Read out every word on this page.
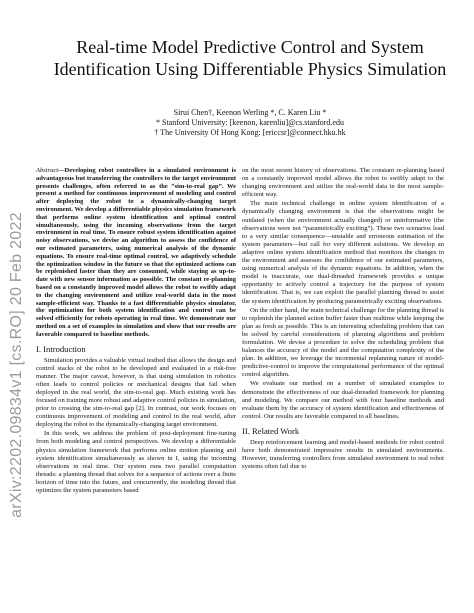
arXiv:2202.09834v1 [cs.RO] 20 Feb 2022
Real-time Model Predictive Control and System Identification Using Differentiable Physics Simulation
Sirui Chen†, Keenon Werling *, C. Karen Liu *
* Stanford University: [keenon, karenliu]@cs.stanford.edu
† The University Of Hong Kong: [ericcsr]@connect.hku.hk

Abstract—Developing robot controllers in a simulated environment is advantageous but transferring the controllers to the target environment presents challenges, often referred to as the “sim-to-real gap”. We present a method for continuous improvement of modeling and control after deploying the robot to a dynamically-changing target environment. We develop a differentiable physics simulation framework that performs online system identification and optimal control simultaneously, using the incoming observations from the target environment in real time. To ensure robust system identification against noisy observations, we devise an algorithm to assess the confidence of our estimated parameters, using numerical analysis of the dynamic equations. To ensure real-time optimal control, we adaptively schedule the optimization window in the future so that the optimized actions can be replenished faster than they are consumed, while staying as up-to-date with new sensor information as possible. The constant re-planning based on a constantly improved model allows the robot to swiftly adapt to the changing environment and utilize real-world data in the most sample-efficient way. Thanks to a fast differentiable physics simulator, the optimization for both system identification and control can be solved efficiently for robots operating in real time. We demonstrate our method on a set of examples in simulation and show that our results are favorable compared to baseline methods.

I. Introduction

Simulation provides a valuable virtual testbed that allows the design and control stacks of the robot to be developed and evaluated in a risk-free manner. The major caveat, however, is that using simulation in robotics often leads to control policies or mechanical designs that fail when deployed in the real world, the sim-to-real gap. Much existing work has focused on training more robust and adaptive control policies in simulation, prior to crossing the sim-to-real gap [2]. In contrast, our work focuses on continuous improvement of modeling and control in the real world, after deploying the robot to the dynamically-changing target environment.

In this work, we address the problem of post-deployment fine-tuning from both modeling and control perspectives. We develop a differentiable physics simulation framework that performs online motion planning and system identification simultaneously as shown in I, using the incoming observations in real time. Our system runs two parallel computation threads: a planning thread that solves for a sequence of actions over a finite horizon of time into the future, and concurrently, the modeling thread that optimizes the system parameters based

on the most recent history of observations. The constant re-planning based on a constantly improved model allows the robot to swiftly adapt to the changing environment and utilize the real-world data in the most sample-efficient way.

The main technical challenge in online system identification of a dynamically changing environment is that the observations might be outdated (when the environment actually changed) or uninformative (the observations were not “parametrically exciting”). These two scenarios lead to a very similar consequence—unstable and erroneous estimation of the system parameters—but call for very different solutions. We develop an adaptive online system identification method that monitors the changes in the environment and assesses the confidence of our estimated parameters, using numerical analysis of the dynamic equations. In addition, when the model is inaccurate, our dual-threaded framework provides a unique opportunity to actively control a trajectory for the purpose of system identification. That is, we can exploit the parallel planning thread to assist the system identification by producing parametrically exciting observations.

On the other hand, the main technical challenge for the planning thread is to replenish the planned action buffer faster than realtime while keeping the plan as fresh as possible. This is an interesting scheduling problem that can be solved by careful considerations of planning algorithms and problem formulation. We devise a procedure to solve the scheduling problem that balances the accuracy of the model and the computation complexity of the plan. In addition, we leverage the incremental replanning nature of model-predictive-control to improve the computational performance of the optimal control algorithm.

We evaluate our method on a number of simulated examples to demonstrate the effectiveness of our dual-threaded framework for planning and modeling. We compare our method with four baseline methods and evaluate them by the accuracy of system identification and effectiveness of control. Our results are favorable compared to all baselines.

II. Related Work

Deep reinforcement learning and model-based methods for robot control have both demonstrated impressive results in simulated environments. However, transferring controllers from simulated environment to real robot systems often fail due to
